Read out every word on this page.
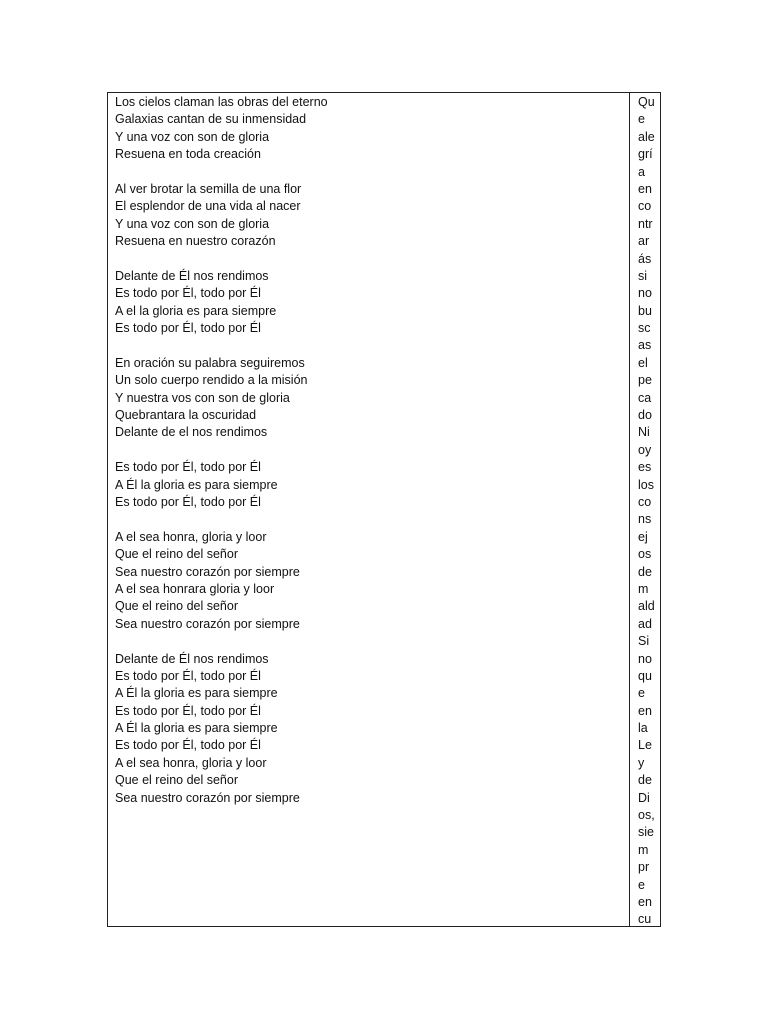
Los cielos claman las obras del eterno
Galaxias cantan de su inmensidad
Y una voz con son de gloria
Resuena en toda creación
Al ver brotar la semilla de una flor
El esplendor de una vida al nacer
Y una voz con son de gloria
Resuena en nuestro corazón
Delante de Él nos rendimos
Es todo por Él, todo por Él
A el la gloria es para siempre
Es todo por Él, todo por Él
En oración su palabra seguiremos
Un solo cuerpo rendido a la misión
Y nuestra vos con son de gloria
Quebrantara la oscuridad
Delante de el nos rendimos
Es todo por Él, todo por Él
A Él la gloria es para siempre
Es todo por Él, todo por Él
A el sea honra, gloria y loor
Que el reino del señor
Sea nuestro corazón por siempre
A el sea honrara gloria y loor
Que el reino del señor
Sea nuestro corazón por siempre
Delante de Él nos rendimos
Es todo por Él, todo por Él
A Él la gloria es para siempre
Es todo por Él, todo por Él
A Él la gloria es para siempre
Es todo por Él, todo por Él
A el sea honra, gloria y loor
Que el reino del señor
Sea nuestro corazón por siempre
Qu
e
ale
grí
a
en
co
ntr
ar
ás
si
no
bu
sc
as
el
pe
ca
do
Ni
oy
es
los
co
ns
ej
os
de
m
ald
ad
Si
no
qu
e
en
la
Le
y
de
Di
os,
sie
m
pr
e
en
cu
